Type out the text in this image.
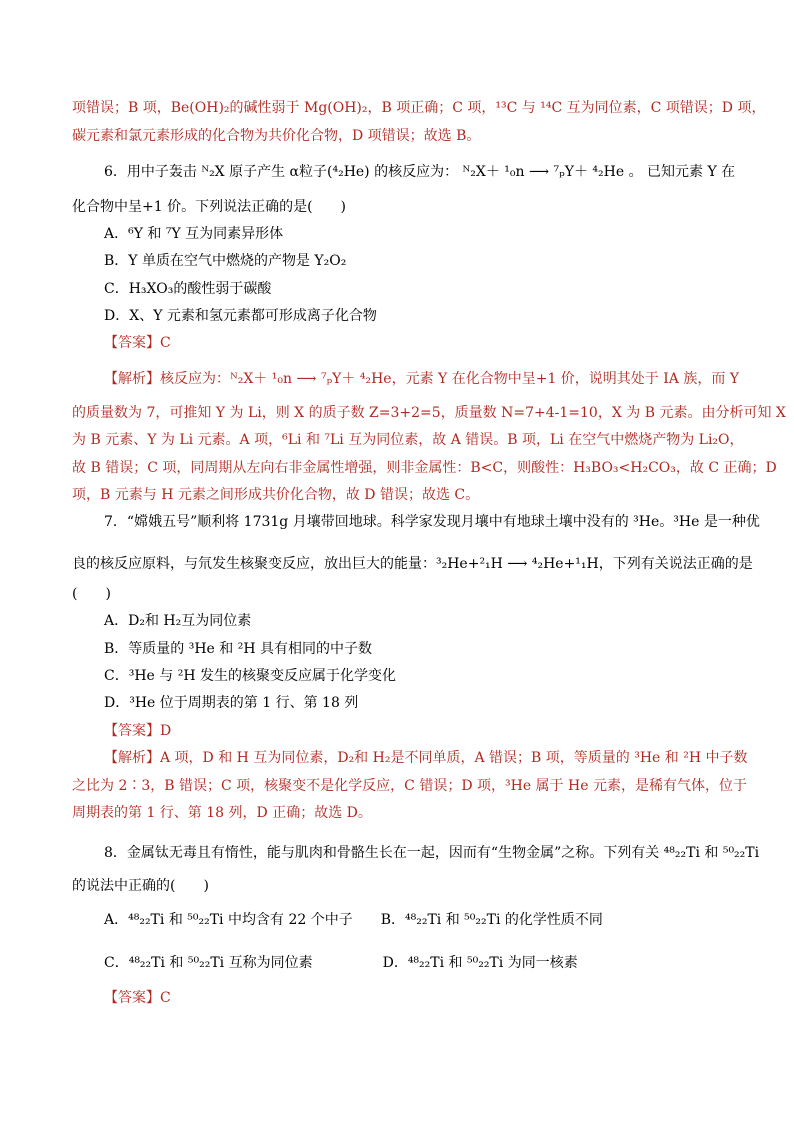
项错误；B 项，Be(OH)₂的碱性弱于 Mg(OH)₂，B 项正确；C 项，¹³C 与 ¹⁴C 互为同位素，C 项错误；D 项，
碳元素和氯元素形成的化合物为共价化合物，D 项错误；故选 B。
6．用中子轰击 ᴺ₂X 原子产生 α粒子(⁴₂He) 的核反应为： ᴺ₂X＋ ¹₀n ⟶ ⁷ₚY＋ ⁴₂He 。 已知元素 Y 在
化合物中呈+1 价。下列说法正确的是(　　)
A．⁶Y 和 ⁷Y 互为同素异形体
B．Y 单质在空气中燃烧的产物是 Y₂O₂
C．H₃XO₃的酸性弱于碳酸
D．X、Y 元素和氢元素都可形成离子化合物
【答案】C
【解析】核反应为：ᴺ₂X＋ ¹₀n ⟶ ⁷ₚY＋ ⁴₂He，元素 Y 在化合物中呈+1 价，说明其处于 IA 族，而 Y
的质量数为 7，可推知 Y 为 Li，则 X 的质子数 Z=3+2=5，质量数 N=7+4-1=10，X 为 B 元素。由分析可知 X
为 B 元素、Y 为 Li 元素。A 项，⁶Li 和 ⁷Li 互为同位素，故 A 错误。B 项，Li 在空气中燃烧产物为 Li₂O，
故 B 错误；C 项，同周期从左向右非金属性增强，则非金属性：B<C，则酸性：H₃BO₃<H₂CO₃，故 C 正确；D
项，B 元素与 H 元素之间形成共价化合物，故 D 错误；故选 C。
7．“嫦娥五号”顺利将 1731g 月壤带回地球。科学家发现月壤中有地球土壤中没有的 ³He。³He 是一种优
良的核反应原料，与氘发生核聚变反应，放出巨大的能量：³₂He+²₁H ⟶ ⁴₂He+¹₁H，下列有关说法正确的是
(　　)
A．D₂和 H₂互为同位素
B．等质量的 ³He 和 ²H 具有相同的中子数
C．³He 与 ²H 发生的核聚变反应属于化学变化
D．³He 位于周期表的第 1 行、第 18 列
【答案】D
【解析】A 项，D 和 H 互为同位素，D₂和 H₂是不同单质，A 错误；B 项，等质量的 ³He 和 ²H 中子数
之比为 2∶3，B 错误；C 项，核聚变不是化学反应，C 错误；D 项，³He 属于 He 元素，是稀有气体，位于
周期表的第 1 行、第 18 列，D 正确；故选 D。
8．金属钛无毒且有惰性，能与肌肉和骨骼生长在一起，因而有“生物金属”之称。下列有关 ⁴⁸₂₂Ti 和 ⁵⁰₂₂Ti
的说法中正确的(　　)
A．⁴⁸₂₂Ti 和 ⁵⁰₂₂Ti 中均含有 22 个中子　　B．⁴⁸₂₂Ti 和 ⁵⁰₂₂Ti 的化学性质不同
C．⁴⁸₂₂Ti 和 ⁵⁰₂₂Ti 互称为同位素　　　　　D．⁴⁸₂₂Ti 和 ⁵⁰₂₂Ti 为同一核素
【答案】C
